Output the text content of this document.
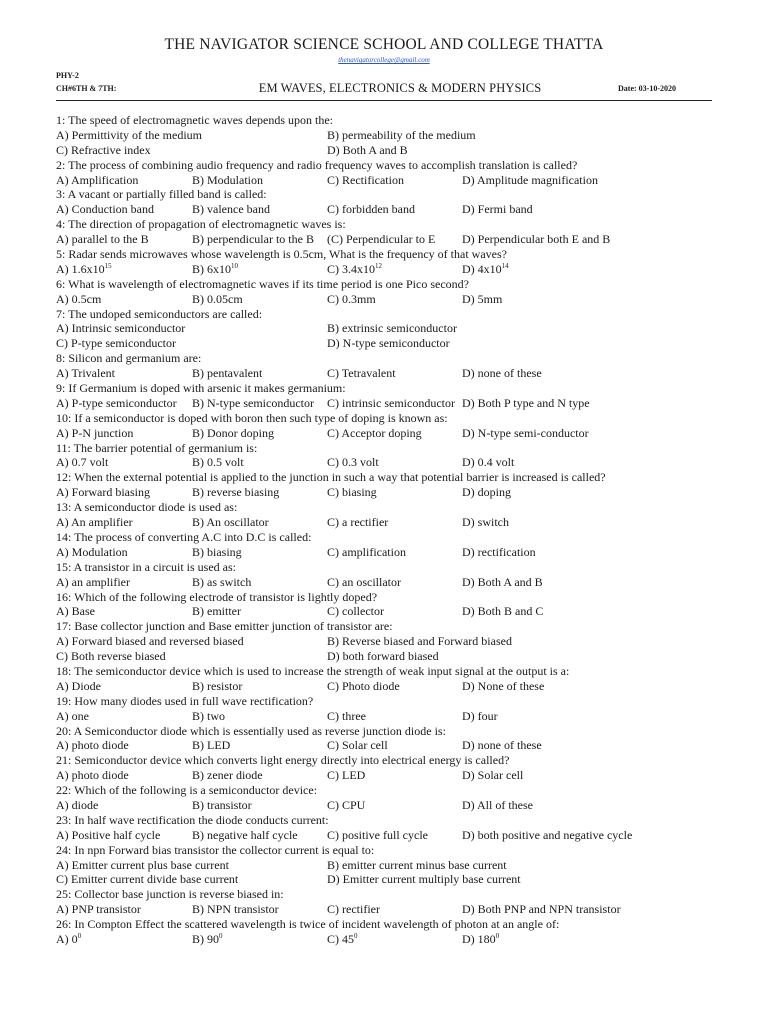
THE NAVIGATOR SCIENCE SCHOOL AND COLLEGE THATTA
thenavigatorcollege@gmail.com
PHY-2
CH#6TH & 7TH:	EM WAVES, ELECTRONICS & MODERN PHYSICS	Date: 03-10-2020
1: The speed of electromagnetic waves depends upon the:
A) Permittivity of the medium	B) permeability of the medium
C) Refractive index	D) Both A and B
2: The process of combining audio frequency and radio frequency waves to accomplish translation is called?
A) Amplification	B) Modulation	C) Rectification	D) Amplitude magnification
3: A vacant or partially filled band is called:
A) Conduction band	B) valence band	C) forbidden band	D) Fermi band
4: The direction of propagation of electromagnetic waves is:
A) parallel to the B	B) perpendicular to the B (C) Perpendicular to E D) Perpendicular both E and B
5: Radar sends microwaves whose wavelength is 0.5cm, What is the frequency of that waves?
A) $1.6x10^{15}$	B) $6x10^{10}$	C) $3.4x10^{12}$	D) $4x10^{14}$
6: What is wavelength of electromagnetic waves if its time period is one Pico second?
A) 0.5cm	B) 0.05cm	C) 0.3mm	D) 5mm
7: The undoped semiconductors are called:
A) Intrinsic semiconductor	B) extrinsic semiconductor
C) P-type semiconductor	D) N-type semiconductor
8: Silicon and germanium are:
A) Trivalent	B) pentavalent	C) Tetravalent	D) none of these
9: If Germanium is doped with arsenic it makes germanium:
A) P-type semiconductor B) N-type semiconductor C) intrinsic semiconductor D) Both P type and N type
10: If a semiconductor is doped with boron then such type of doping is known as:
A) P-N junction	B) Donor doping	C) Acceptor doping	D) N-type semi-conductor
11: The barrier potential of germanium is:
A) 0.7 volt	B) 0.5 volt	C) 0.3 volt	D) 0.4 volt
12: When the external potential is applied to the junction in such a way that potential barrier is increased is called?
A) Forward biasing	B) reverse biasing	C) biasing	D) doping
13: A semiconductor diode is used as:
A) An amplifier	B) An oscillator	C) a rectifier	D) switch
14: The process of converting A.C into D.C is called:
A) Modulation	B) biasing	C) amplification	D) rectification
15: A transistor in a circuit is used as:
A) an amplifier	B) as switch	C) an oscillator	D) Both A and B
16: Which of the following electrode of transistor is lightly doped?
A) Base	B) emitter	C) collector	D) Both B and C
17: Base collector junction and Base emitter junction of transistor are:
A) Forward biased and reversed biased	B) Reverse biased and Forward biased
C) Both reverse biased	D) both forward biased
18: The semiconductor device which is used to increase the strength of weak input signal at the output is a:
A) Diode	B) resistor	C) Photo diode	D) None of these
19: How many diodes used in full wave rectification?
A) one	B) two	C) three	D) four
20: A Semiconductor diode which is essentially used as reverse junction diode is:
A) photo diode	B) LED	C) Solar cell	D) none of these
21: Semiconductor device which converts light energy directly into electrical energy is called?
A) photo diode	B) zener diode	C) LED	D) Solar cell
22: Which of the following is a semiconductor device:
A) diode	B) transistor	C) CPU	D) All of these
23: In half wave rectification the diode conducts current:
A) Positive half cycle	B) negative half cycle C) positive full cycle	D) both positive and negative cycle
24: In npn Forward bias transistor the collector current is equal to:
A) Emitter current plus base current	B) emitter current minus base current
C) Emitter current divide base current	D) Emitter current multiply base current
25: Collector base junction is reverse biased in:
A) PNP transistor	B) NPN transistor	C) rectifier	D) Both PNP and NPN transistor
26: In Compton Effect the scattered wavelength is twice of incident wavelength of photon at an angle of:
A) $0^0$	B) $90^0$	C) $45^0$	D) $180^0$
